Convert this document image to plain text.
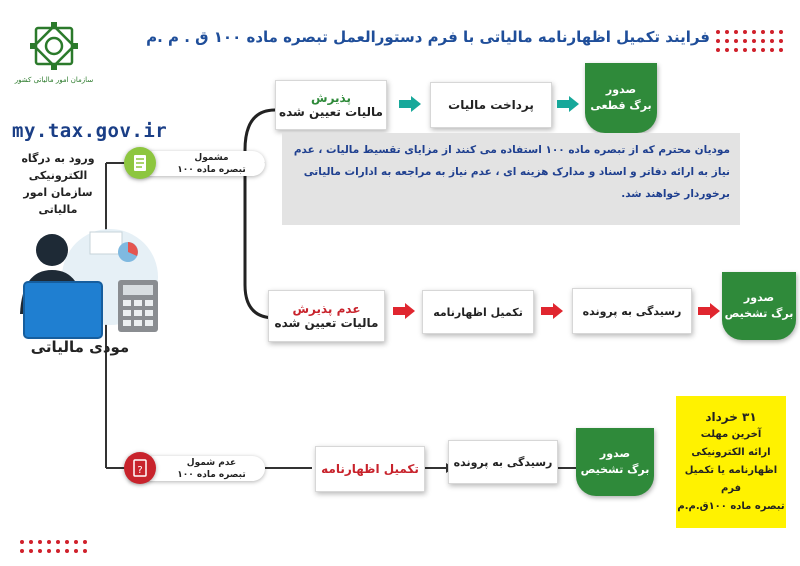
فرایند تکمیل اظهارنامه مالیاتی با فرم دستورالعمل تبصره ماده ۱۰۰ ق . م .م
سازمان امور مالیاتی کشور
my.tax.gov.ir
ورود به درگاه الکترونیکی سازمان امور مالیاتی
مودی مالیاتی
مشمول
تبصره ماده ۱۰۰
عدم شمول
تبصره ماده ۱۰۰
?
پذیرش
مالیات تعیین شده	پرداخت مالیات
صدور
برگ قطعی
مودیان محترم که از تبصره ماده ۱۰۰ استفاده می کنند از مزایای تقسیط مالیات ، عدم نیاز به ارائه دفاتر و اسناد و مدارک هزینه ای ، عدم نیاز به مراجعه به ادارات مالیاتی برخوردار خواهند شد.
عدم پذیرش
مالیات تعیین شده
تکمیل اظهارنامه	رسیدگی به پرونده
صدور
برگ تشخیص
تکمیل اظهارنامه	رسیدگی به پرونده
صدور
برگ تشخیص
۳۱ خرداد
آخرین مهلت
ارائه الکترونیکی
اظهارنامه یا تکمیل فرم
تبصره ماده ۱۰۰ق.م.م
